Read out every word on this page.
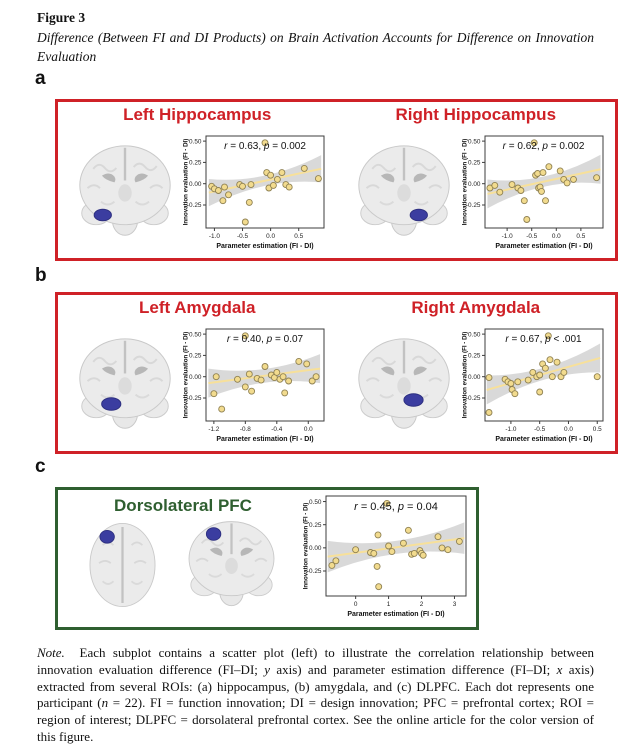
Figure 3
Difference (Between FI and DI Products) on Brain Activation Accounts for Difference on Innovation Evaluation
a
Left Hippocampus
-1.0	-0.5	0.0	0.5
0.50
0.25
0.00
-0.25
Parameter estimation (FI - DI)
Innovation evaluation (FI - DI)	r = 0.63, p = 0.002
Right Hippocampus
-1.0 -0.5 0.0 0.5
0.50
0.25
0.00
-0.25
Parameter estimation (FI - DI)
Innovation evaluation (FI - DI)	r = 0.62, p = 0.002
b
Left Amygdala
-1.2	-0.8	-0.4	0.0
0.50
0.25
0.00
-0.25
Parameter estimation (FI - DI)
Innovation evaluation (FI - DI)	r = 0.40, p = 0.07
Right Amygdala
-1.0	-0.5	0.0	0.5
0.50
0.25
0.00
-0.25
Parameter estimation (FI - DI)
Innovation evaluation (FI - DI)	r = 0.67, p < .001
c
Dorsolateral PFC
0	1	2	3
0.50
0.25
0.00
-0.25
Parameter estimation (FI - DI)
Innovation evaluation (FI - DI)	r = 0.45, p = 0.04
Note.  Each subplot contains a scatter plot (left) to illustrate the correlation relationship between innovation evaluation difference (FI–DI; y axis) and parameter estimation difference (FI–DI; x axis) extracted from several ROIs: (a) hippocampus, (b) amygdala, and (c) DLPFC. Each dot represents one participant (n = 22). FI = function innovation; DI = design innovation; PFC = prefrontal cortex; ROI = region of interest; DLPFC = dorsolateral prefrontal cortex. See the online article for the color version of this figure.
